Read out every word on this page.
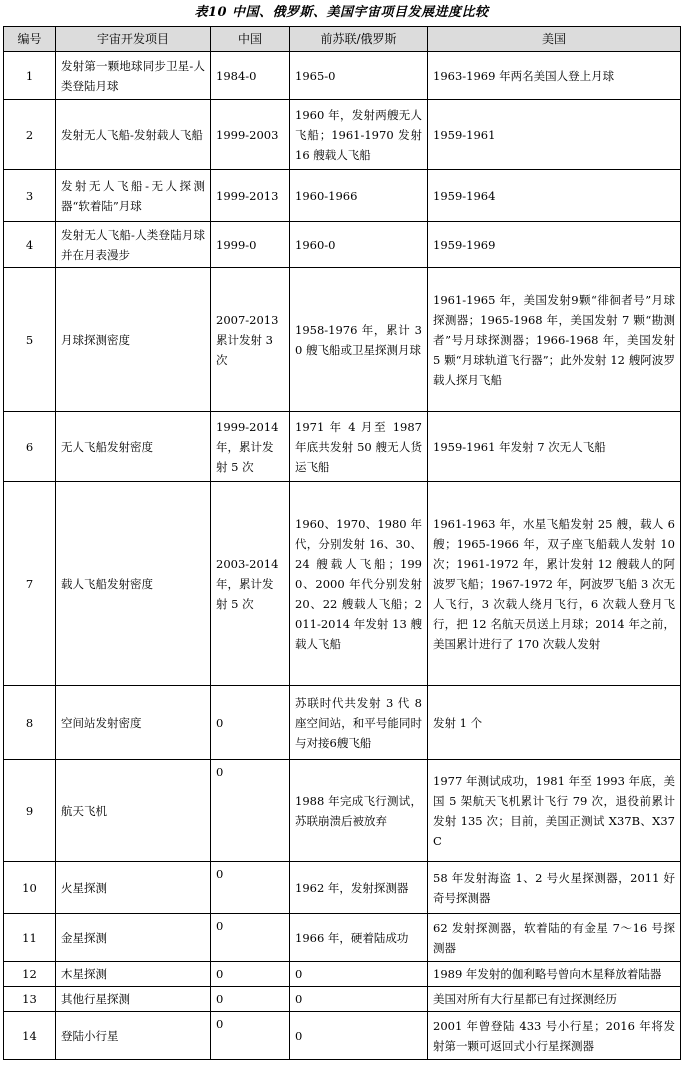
表10 中国、俄罗斯、美国宇宙项目发展进度比较
编号	宇宙开发项目	中国	前苏联/俄罗斯	美国
1	发射第一颗地球同步卫星-人类登陆月球	1984-0	1965-0	1963-1969 年两名美国人登上月球
2	发射无人飞船-发射载人飞船	1999-2003	1960 年，发射两艘无人飞船；1961-1970 发射 16 艘载人飞船	1959-1961
3	发射无人飞船-无人探测器“软着陆”月球	1999-2013	1960-1966	1959-1964
4	发射无人飞船-人类登陆月球并在月表漫步	1999-0	1960-0	1959-1969
5	月球探测密度	2007-2013 累计发射 3 次	1958-1976 年，累计 30 艘飞船或卫星探测月球	1961-1965 年，美国发射9颗“徘徊者号”月球探测器；1965-1968 年，美国发射 7 颗“勘测者”号月球探测器；1966-1968 年，美国发射 5 颗“月球轨道飞行器”；此外发射 12 艘阿波罗载人探月飞船
6	无人飞船发射密度	1999-2014 年，累计发射 5 次	1971 年 4 月至 1987 年底共发射 50 艘无人货运飞船	1959-1961 年发射 7 次无人飞船
7	载人飞船发射密度	2003-2014 年，累计发射 5 次	1960、1970、1980 年代，分别发射 16、30、24 艘载人飞船；1990、2000 年代分别发射 20、22 艘载人飞船；2011-2014 年发射 13 艘载人飞船	1961-1963 年，水星飞船发射 25 艘，载人 6 艘；1965-1966 年，双子座飞船载人发射 10 次；1961-1972 年，累计发射 12 艘载人的阿波罗飞船；1967-1972 年，阿波罗飞船 3 次无人飞行，3 次载人绕月飞行，6 次载人登月飞行，把 12 名航天员送上月球；2014 年之前，美国累计进行了 170 次载人发射
8	空间站发射密度	0	苏联时代共发射 3 代 8 座空间站，和平号能同时与对接6艘飞船	发射 1 个
9	航天飞机	0	1988 年完成飞行测试，苏联崩溃后被放弃	1977 年测试成功，1981 年至 1993 年底，美国 5 架航天飞机累计飞行 79 次，退役前累计发射 135 次；目前，美国正测试 X37B、X37C
10	火星探测	0	1962 年，发射探测器	58 年发射海盗 1、2 号火星探测器，2011 好奇号探测器
11	金星探测	0	1966 年，硬着陆成功	62 发射探测器，软着陆的有金星 7～16 号探测器
12	木星探测	0	0	1989 年发射的伽利略号曾向木星释放着陆器
13	其他行星探测	0	0	美国对所有大行星都已有过探测经历
14	登陆小行星	0	0	2001 年曾登陆 433 号小行星；2016 年将发射第一颗可返回式小行星探测器
